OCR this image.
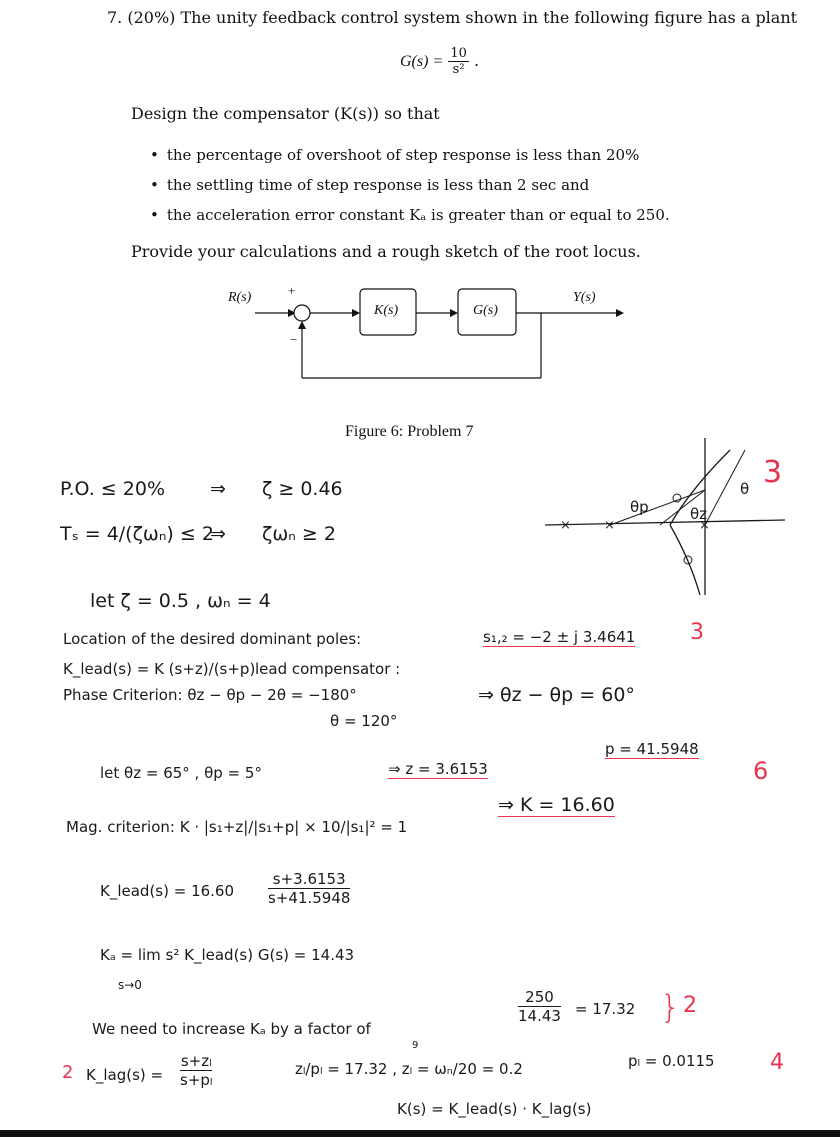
7. (20%) The unity feedback control system shown in the following figure has a plant
$G(s) = \frac{10}{\text{s²}}$ .
Design the compensator (K(s)) so that
• the percentage of overshoot of step response is less than 20%
• the settling time of step response is less than 2 sec and
• the acceleration error constant Kₐ is greater than or equal to 250.
Provide your calculations and a rough sketch of the root locus.
R(s)	+
−
K(s)	G(s)
Y(s)
Figure 6: Problem 7
×	×	×
θp	θz
θ 3
P.O. ≤ 20% ⇒ ζ ≥ 0.46
Tₛ = 4/(ζωₙ) ≤ 2
⇒ ζωₙ ≥ 2
let ζ = 0.5 , ωₙ = 4
Location of the desired dominant poles:	s₁,₂ = −2 ± j 3.4641 3
K_lead(s) = K (s+z)/(s+p) lead compensator :
Phase Criterion: θz − θp − 2θ = −180°
θ = 120°
⇒ θz − θp = 60°
let θz = 65° , θp = 5°	⇒ z = 3.6153
p = 41.5948
6
Mag. criterion: K · |s₁+z|/|s₁+p| × 10/|s₁|² = 1
⇒ K = 16.60
K_lead(s) = 16.60
s+3.6153
s+41.5948
Kₐ = lim s² K_lead(s) G(s) = 14.43
s→0
We need to increase Kₐ by a factor of
9
250
14.43 = 17.32 } 2
2 K_lag(s) =
s+zₗ
s+pₗ
zₗ/pₗ = 17.32 , zₗ = ωₙ/20 = 0.2	pₗ = 0.0115	4
K(s) = K_lead(s) · K_lag(s)
